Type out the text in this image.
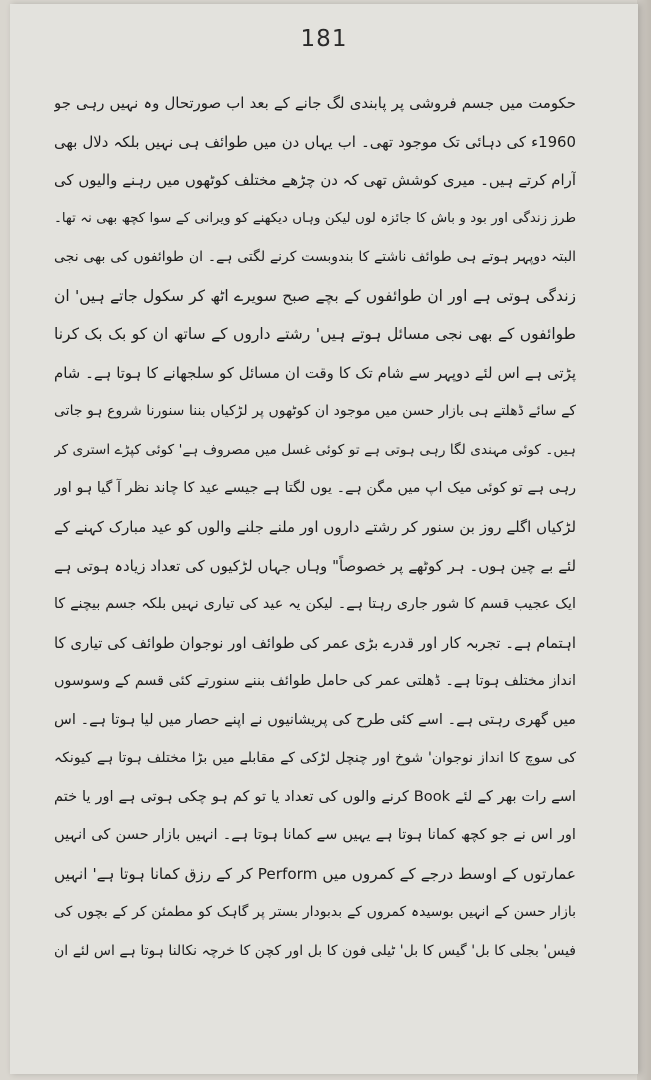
181
حکومت میں جسم فروشی پر پابندی لگ جانے کے بعد اب صورتحال وہ نہیں رہی جو
1960ء کی دہائی تک موجود تھی۔ اب یہاں دن میں طوائف ہی نہیں بلکہ دلال بھی
آرام کرتے ہیں۔ میری کوشش تھی کہ دن چڑھے مختلف کوٹھوں میں رہنے والیوں کی
طرز زندگی اور بود و باش کا جائزہ لوں لیکن وہاں دیکھنے کو ویرانی کے سوا کچھ بھی نہ تھا۔
البتہ دوپہر ہوتے ہی طوائف ناشتے کا بندوبست کرنے لگتی ہے۔ ان طوائفوں کی بھی نجی
زندگی ہوتی ہے اور ان طوائفوں کے بچے صبح سویرے اٹھ کر سکول جاتے ہیں' ان
طوائفوں کے بھی نجی مسائل ہوتے ہیں' رشتے داروں کے ساتھ ان کو بک بک کرنا
پڑتی ہے اس لئے دوپہر سے شام تک کا وقت ان مسائل کو سلجھانے کا ہوتا ہے۔ شام
کے سائے ڈھلتے ہی بازار حسن میں موجود ان کوٹھوں پر لڑکیاں بننا سنورنا شروع ہو جاتی
ہیں۔ کوئی مہندی لگا رہی ہوتی ہے تو کوئی غسل میں مصروف ہے' کوئی کپڑے استری کر
رہی ہے تو کوئی میک اپ میں مگن ہے۔ یوں لگتا ہے جیسے عید کا چاند نظر آ گیا ہو اور
لڑکیاں اگلے روز بن سنور کر رشتے داروں اور ملنے جلنے والوں کو عید مبارک کہنے کے
لئے بے چین ہوں۔ ہر کوٹھے پر خصوصاً" وہاں جہاں لڑکیوں کی تعداد زیادہ ہوتی ہے
ایک عجیب قسم کا شور جاری رہتا ہے۔ لیکن یہ عید کی تیاری نہیں بلکہ جسم بیچنے کا
اہتمام ہے۔ تجربہ کار اور قدرے بڑی عمر کی طوائف اور نوجوان طوائف کی تیاری کا
انداز مختلف ہوتا ہے۔ ڈھلتی عمر کی حامل طوائف بننے سنورتے کئی قسم کے وسوسوں
میں گھری رہتی ہے۔ اسے کئی طرح کی پریشانیوں نے اپنے حصار میں لیا ہوتا ہے۔ اس
کی سوچ کا انداز نوجوان' شوخ اور چنچل لڑکی کے مقابلے میں بڑا مختلف ہوتا ہے کیونکہ
اسے رات بھر کے لئے Book کرنے والوں کی تعداد یا تو کم ہو چکی ہوتی ہے اور یا ختم
اور اس نے جو کچھ کمانا ہوتا ہے یہیں سے کمانا ہوتا ہے۔ انہیں بازار حسن کی انہیں
عمارتوں کے اوسط درجے کے کمروں میں Perform کر کے رزق کمانا ہوتا ہے' انہیں
بازار حسن کے انہیں بوسیدہ کمروں کے بدبودار بستر پر گاہک کو مطمئن کر کے بچوں کی
فیس' بجلی کا بل' گیس کا بل' ٹیلی فون کا بل اور کچن کا خرچہ نکالنا ہوتا ہے اس لئے ان
